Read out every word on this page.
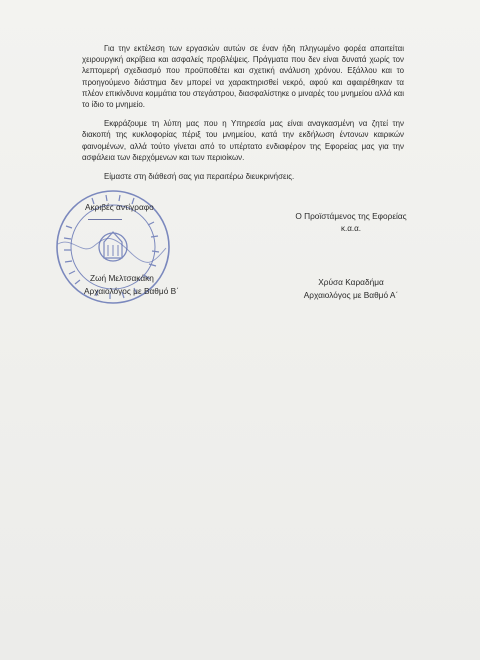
Για την εκτέλεση των εργασιών αυτών σε έναν ήδη πληγωμένο φορέα απαιτείται χειρουργική ακρίβεια και ασφαλείς προβλέψεις. Πράγματα που δεν είναι δυνατά χωρίς τον λεπτομερή σχεδιασμό που προϋποθέτει και σχετική ανάλυση χρόνου. Εξάλλου και το προηγούμενο διάστημα δεν μπορεί να χαρακτηρισθεί νεκρό, αφού και αφαιρέθηκαν τα πλέον επικίνδυνα κομμάτια του στεγάστρου, διασφαλίστηκε ο μιναρές του μνημείου αλλά και το ίδιο το μνημείο.

Εκφράζουμε τη λύπη μας που η Υπηρεσία μας είναι αναγκασμένη να ζητεί την διακοπή της κυκλοφορίας πέριξ του μνημείου, κατά την εκδήλωση έντονων καιρικών φαινομένων, αλλά τούτο γίνεται από το υπέρτατο ενδιαφέρον της Εφορείας μας για την ασφάλεια των διερχόμενων και των περιοίκων.

Είμαστε στη διάθεσή σας για περαιτέρω διευκρινήσεις.

Ακριβές αντίγραφο
Ο Προϊστάμενος της Εφορείας
κ.α.α.
Ζωή Μελτσακάκη
Αρχαιολόγος με Βαθμό Β΄
Χρύσα Καραδήμα
Αρχαιολόγος με Βαθμό Α΄
